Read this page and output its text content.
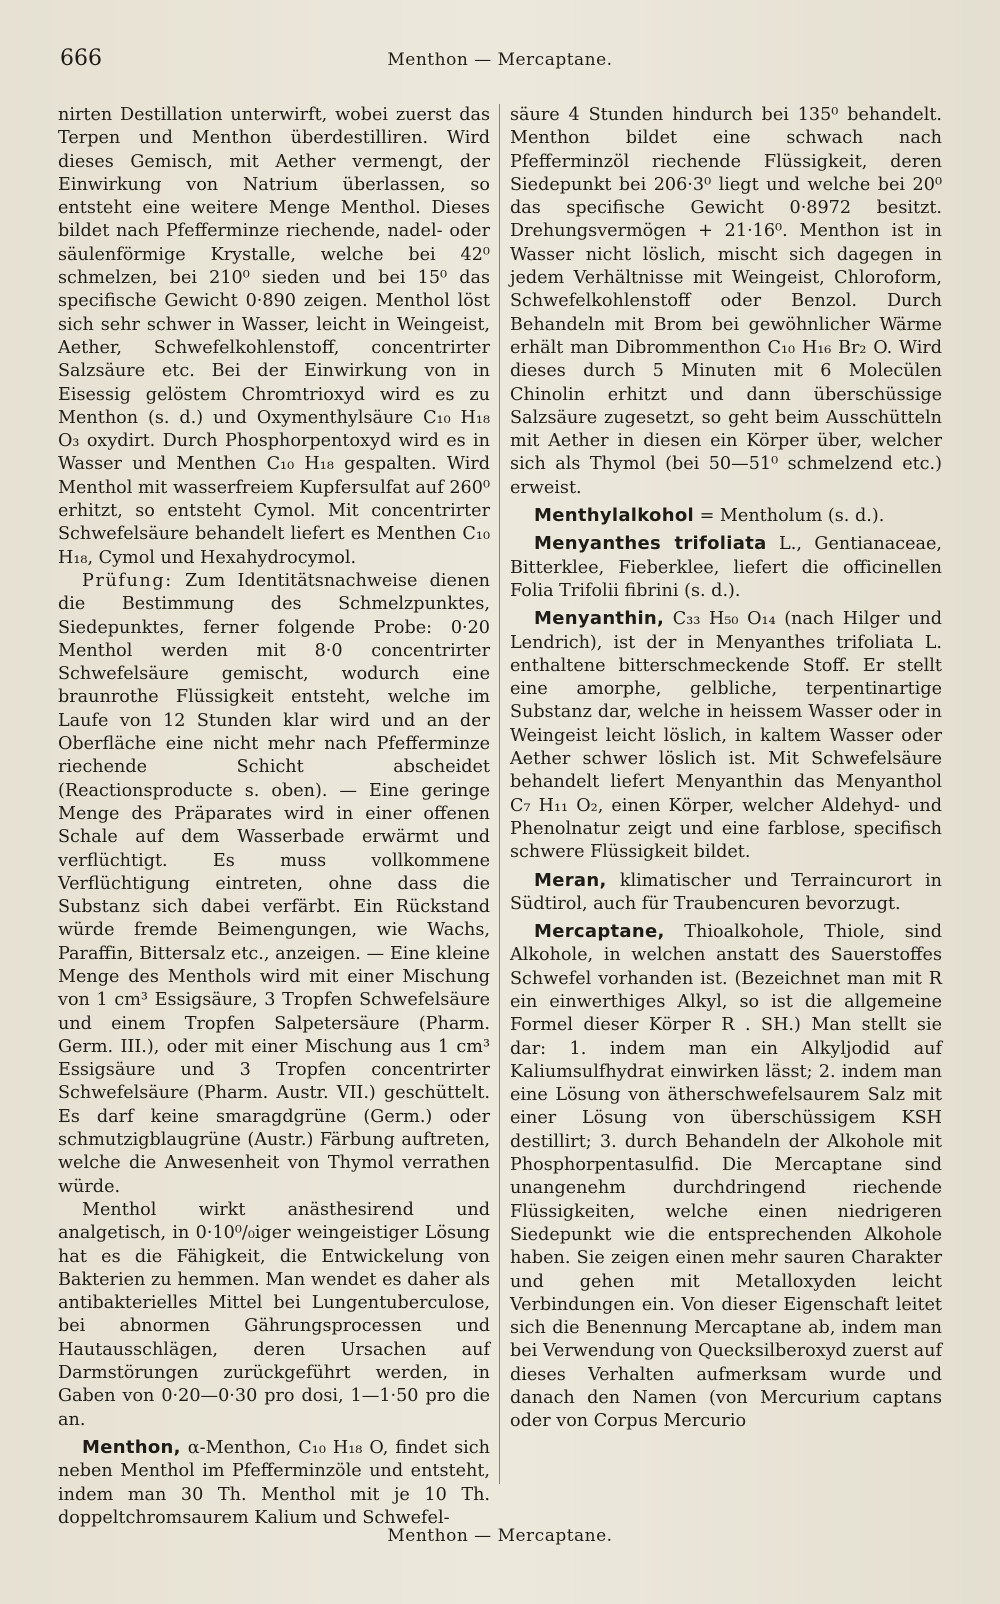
666	Menthon — Mercaptane.

nirten Destillation unterwirft, wobei zuerst das Terpen und Menthon überdestilliren. Wird dieses Gemisch, mit Aether vermengt, der Einwirkung von Natrium überlassen, so entsteht eine weitere Menge Menthol. Dieses bildet nach Pfefferminze riechende, nadel- oder säulenförmige Krystalle, welche bei 42⁰ schmelzen, bei 210⁰ sieden und bei 15⁰ das specifische Gewicht 0·890 zeigen. Menthol löst sich sehr schwer in Wasser, leicht in Weingeist, Aether, Schwefelkohlenstoff, concentrirter Salzsäure etc. Bei der Einwirkung von in Eisessig gelöstem Chromtrioxyd wird es zu Menthon (s. d.) und Oxymenthylsäure C₁₀ H₁₈ O₃ oxydirt. Durch Phosphorpentoxyd wird es in Wasser und Menthen C₁₀ H₁₈ gespalten. Wird Menthol mit wasserfreiem Kupfersulfat auf 260⁰ erhitzt, so entsteht Cymol. Mit concentrirter Schwefelsäure behandelt liefert es Menthen C₁₀ H₁₈, Cymol und Hexahydrocymol.

Prüfung: Zum Identitätsnachweise dienen die Bestimmung des Schmelzpunktes, Siedepunktes, ferner folgende Probe: 0·20 Menthol werden mit 8·0 concentrirter Schwefelsäure gemischt, wodurch eine braunrothe Flüssigkeit entsteht, welche im Laufe von 12 Stunden klar wird und an der Oberfläche eine nicht mehr nach Pfefferminze riechende Schicht abscheidet (Reactionsproducte s. oben). — Eine geringe Menge des Präparates wird in einer offenen Schale auf dem Wasserbade erwärmt und verflüchtigt. Es muss vollkommene Verflüchtigung eintreten, ohne dass die Substanz sich dabei verfärbt. Ein Rückstand würde fremde Beimengungen, wie Wachs, Paraffin, Bittersalz etc., anzeigen. — Eine kleine Menge des Menthols wird mit einer Mischung von 1 cm³ Essigsäure, 3 Tropfen Schwefelsäure und einem Tropfen Salpetersäure (Pharm. Germ. III.), oder mit einer Mischung aus 1 cm³ Essigsäure und 3 Tropfen concentrirter Schwefelsäure (Pharm. Austr. VII.) geschüttelt. Es darf keine smaragdgrüne (Germ.) oder schmutzigblaugrüne (Austr.) Färbung auftreten, welche die Anwesenheit von Thymol verrathen würde.

Menthol wirkt anästhesirend und analgetisch, in 0·10⁰/₀iger weingeistiger Lösung hat es die Fähigkeit, die Entwickelung von Bakterien zu hemmen. Man wendet es daher als antibakterielles Mittel bei Lungentuberculose, bei abnormen Gährungsprocessen und Hautausschlägen, deren Ursachen auf Darmstörungen zurückgeführt werden, in Gaben von 0·20—0·30 pro dosi, 1—1·50 pro die an.

Menthon, α-Menthon, C₁₀ H₁₈ O, findet sich neben Menthol im Pfefferminzöle und entsteht, indem man 30 Th. Menthol mit je 10 Th. doppeltchromsaurem Kalium und Schwefel-

säure 4 Stunden hindurch bei 135⁰ behandelt. Menthon bildet eine schwach nach Pfefferminzöl riechende Flüssigkeit, deren Siedepunkt bei 206·3⁰ liegt und welche bei 20⁰ das specifische Gewicht 0·8972 besitzt. Drehungsvermögen + 21·16⁰. Menthon ist in Wasser nicht löslich, mischt sich dagegen in jedem Verhältnisse mit Weingeist, Chloroform, Schwefelkohlenstoff oder Benzol. Durch Behandeln mit Brom bei gewöhnlicher Wärme erhält man Dibrommenthon C₁₀ H₁₆ Br₂ O. Wird dieses durch 5 Minuten mit 6 Molecülen Chinolin erhitzt und dann überschüssige Salzsäure zugesetzt, so geht beim Ausschütteln mit Aether in diesen ein Körper über, welcher sich als Thymol (bei 50—51⁰ schmelzend etc.) erweist.

Menthylalkohol = Mentholum (s. d.).

Menyanthes trifoliata L., Gentianaceae, Bitterklee, Fieberklee, liefert die officinellen Folia Trifolii fibrini (s. d.).

Menyanthin, C₃₃ H₅₀ O₁₄ (nach Hilger und Lendrich), ist der in Menyanthes trifoliata L. enthaltene bitterschmeckende Stoff. Er stellt eine amorphe, gelbliche, terpentinartige Substanz dar, welche in heissem Wasser oder in Weingeist leicht löslich, in kaltem Wasser oder Aether schwer löslich ist. Mit Schwefelsäure behandelt liefert Menyanthin das Menyanthol C₇ H₁₁ O₂, einen Körper, welcher Aldehyd- und Phenolnatur zeigt und eine farblose, specifisch schwere Flüssigkeit bildet.

Meran, klimatischer und Terraincurort in Südtirol, auch für Traubencuren bevorzugt.

Mercaptane, Thioalkohole, Thiole, sind Alkohole, in welchen anstatt des Sauerstoffes Schwefel vorhanden ist. (Bezeichnet man mit R ein einwerthiges Alkyl, so ist die allgemeine Formel dieser Körper R . SH.) Man stellt sie dar: 1. indem man ein Alkyljodid auf Kaliumsulfhydrat einwirken lässt; 2. indem man eine Lösung von ätherschwefelsaurem Salz mit einer Lösung von überschüssigem KSH destillirt; 3. durch Behandeln der Alkohole mit Phosphorpentasulfid. Die Mercaptane sind unangenehm durchdringend riechende Flüssigkeiten, welche einen niedrigeren Siedepunkt wie die entsprechenden Alkohole haben. Sie zeigen einen mehr sauren Charakter und gehen mit Metalloxyden leicht Verbindungen ein. Von dieser Eigenschaft leitet sich die Benennung Mercaptane ab, indem man bei Verwendung von Quecksilberoxyd zuerst auf dieses Verhalten aufmerksam wurde und danach den Namen (von Mercurium captans oder von Corpus Mercurio

Menthon — Mercaptane.
